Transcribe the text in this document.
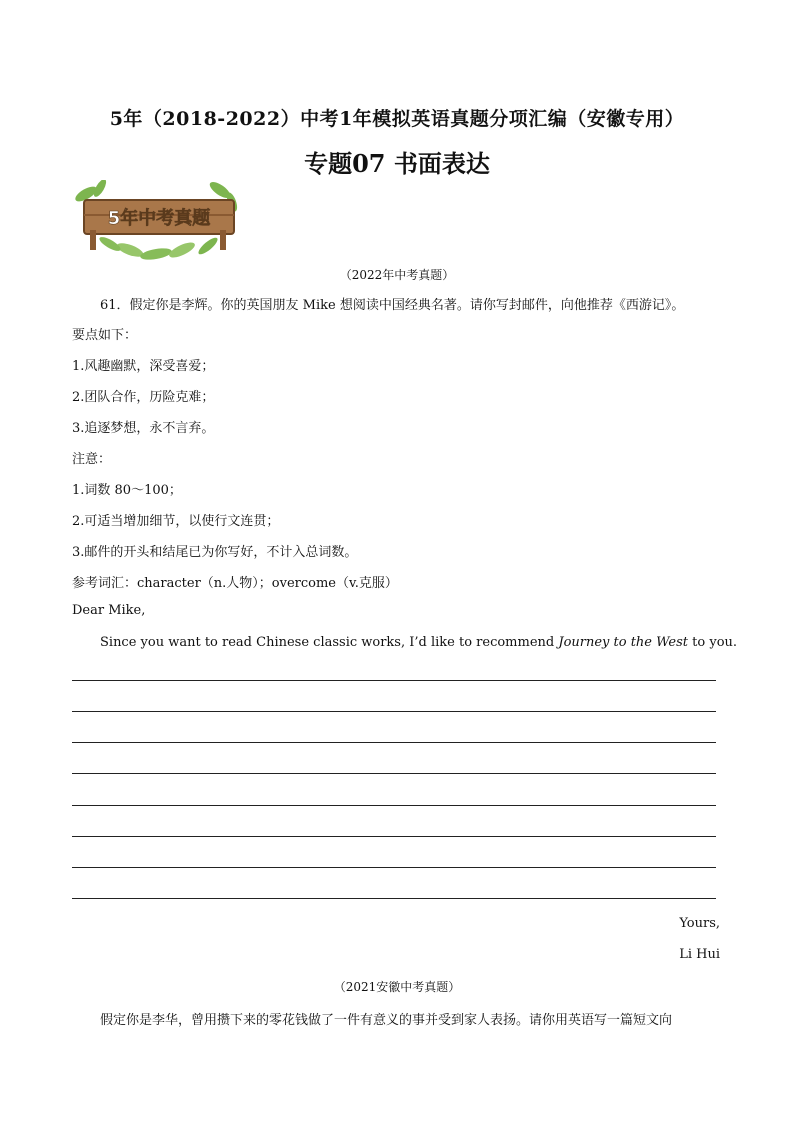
5年（2018-2022）中考1年模拟英语真题分项汇编（安徽专用）
专题07 书面表达
5年中考真题
（2022年中考真题）
61．假定你是李辉。你的英国朋友 Mike 想阅读中国经典名著。请你写封邮件，向他推荐《西游记》。
要点如下：
1.风趣幽默，深受喜爱；
2.团队合作，历险克难；
3.追逐梦想，永不言弃。
注意：
1.词数 80～100；
2.可适当增加细节，以使行文连贯；
3.邮件的开头和结尾已为你写好，不计入总词数。
参考词汇：character（n.人物）；overcome（v.克服）
Dear Mike,
Since you want to read Chinese classic works, I’d like to recommend Journey to the West to you.
Yours,
Li Hui
（2021安徽中考真题）
假定你是李华，曾用攒下来的零花钱做了一件有意义的事并受到家人表扬。请你用英语写一篇短文向
